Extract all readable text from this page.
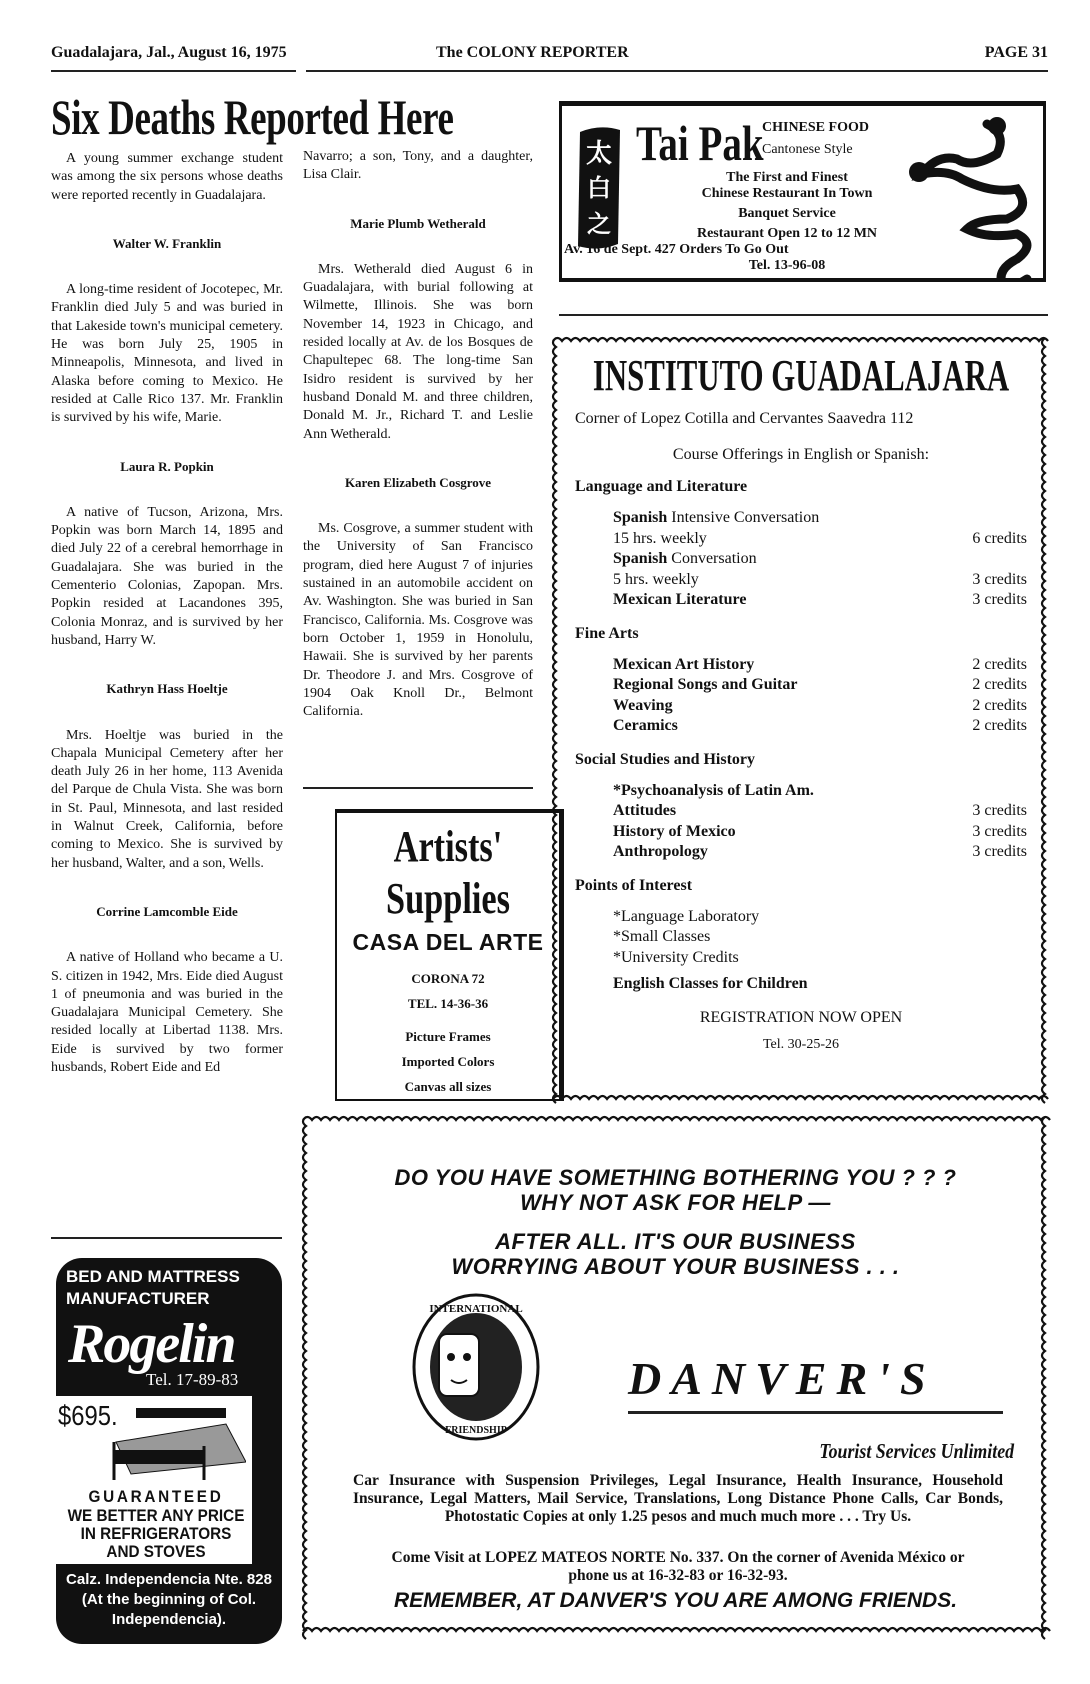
Guadalajara, Jal., August 16, 1975	The COLONY REPORTER	PAGE 31
Six Deaths Reported Here

A young summer exchange student was among the six persons whose deaths were reported recently in Guadalajara.

Walter W. Franklin

A long-time resident of Jocotepec, Mr. Franklin died July 5 and was buried in that Lakeside town's municipal cemetery. He was born July 25, 1905 in Minneapolis, Minnesota, and lived in Alaska before coming to Mexico. He resided at Calle Rico 137. Mr. Franklin is survived by his wife, Marie.

Laura R. Popkin

A native of Tucson, Arizona, Mrs. Popkin was born March 14, 1895 and died July 22 of a cerebral hemorrhage in Guadalajara. She was buried in the Cementerio Colonias, Zapopan. Mrs. Popkin resided at Lacandones 395, Colonia Monraz, and is survived by her husband, Harry W.

Kathryn Hass Hoeltje

Mrs. Hoeltje was buried in the Chapala Municipal Cemetery after her death July 26 in her home, 113 Avenida del Parque de Chula Vista. She was born in St. Paul, Minnesota, and last resided in Walnut Creek, California, before coming to Mexico. She is survived by her husband, Walter, and a son, Wells.

Corrine Lamcomble Eide

A native of Holland who became a U. S. citizen in 1942, Mrs. Eide died August 1 of pneumonia and was buried in the Guadalajara Municipal Cemetery. She resided locally at Libertad 1138. Mrs. Eide is survived by two former husbands, Robert Eide and Ed

Navarro; a son, Tony, and a daughter, Lisa Clair.

Marie Plumb Wetherald

Mrs. Wetherald died August 6 in Guadalajara, with burial following at Wilmette, Illinois. She was born November 14, 1923 in Chicago, and resided locally at Av. de los Bosques de Chapultepec 68. The long-time San Isidro resident is survived by her husband Donald M. and three children, Donald M. Jr., Richard T. and Leslie Ann Wetherald.

Karen Elizabeth Cosgrove

Ms. Cosgrove, a summer student with the University of San Francisco program, died here August 7 of injuries sustained in an automobile accident on Av. Washington. She was buried in San Francisco, California. Ms. Cosgrove was born October 1, 1959 in Honolulu, Hawaii. She is survived by her parents Dr. Theodore J. and Mrs. Cosgrove of 1904 Oak Knoll Dr., Belmont California.

太
白
之
Tai Pak
CHINESE FOOD
Cantonese Style
The First and Finest
Chinese Restaurant In Town
Banquet Service
Restaurant Open 12 to 12 MN
Av. 16 de Sept. 427 Orders To Go Out
Tel. 13-96-08
INSTITUTO GUADALAJARA
Corner of Lopez Cotilla and Cervantes Saavedra 112
Course Offerings in English or Spanish:
Language and Literature
Spanish Intensive Conversation
15 hrs. weekly	6 credits
Spanish Conversation
5 hrs. weekly	3 credits
Mexican Literature	3 credits
Fine Arts
Mexican Art History	2 credits
Regional Songs and Guitar	2 credits
Weaving	2 credits
Ceramics	2 credits
Social Studies and History
*Psychoanalysis of Latin Am.
Attitudes	3 credits
History of Mexico	3 credits
Anthropology	3 credits
Points of Interest
*Language Laboratory
*Small Classes
*University Credits
English Classes for Children
REGISTRATION NOW OPEN
Tel. 30-25-26
Artists'
Supplies
CASA DEL ARTE
CORONA 72
TEL. 14-36-36
Picture Frames
Imported Colors
Canvas all sizes
BED AND MATTRESS
MANUFACTURER
Rogelin
Tel. 17-89-83
$695.
GUARANTEED
WE BETTER ANY PRICE
IN REFRIGERATORS
AND STOVES
Calz. Independencia Nte. 828
(At the beginning of Col.
Independencia).
DO YOU HAVE SOMETHING BOTHERING YOU ? ? ?
WHY NOT ASK FOR HELP —
AFTER ALL. IT'S OUR BUSINESS
WORRYING ABOUT YOUR BUSINESS . . .
INTERNATIONAL
FRIENDSHIP
DANVER'S
Tourist Services Unlimited
Car Insurance with Suspension Privileges, Legal Insurance, Health Insurance, Household Insurance, Legal Matters, Mail Service, Translations, Long Distance Phone Calls, Car Bonds, Photostatic Copies at only 1.25 pesos and much much more . . . Try Us.
Come Visit at LOPEZ MATEOS NORTE No. 337. On the corner of Avenida México or phone us at 16-32-83 or 16-32-93.
REMEMBER, AT DANVER'S YOU ARE AMONG FRIENDS.
